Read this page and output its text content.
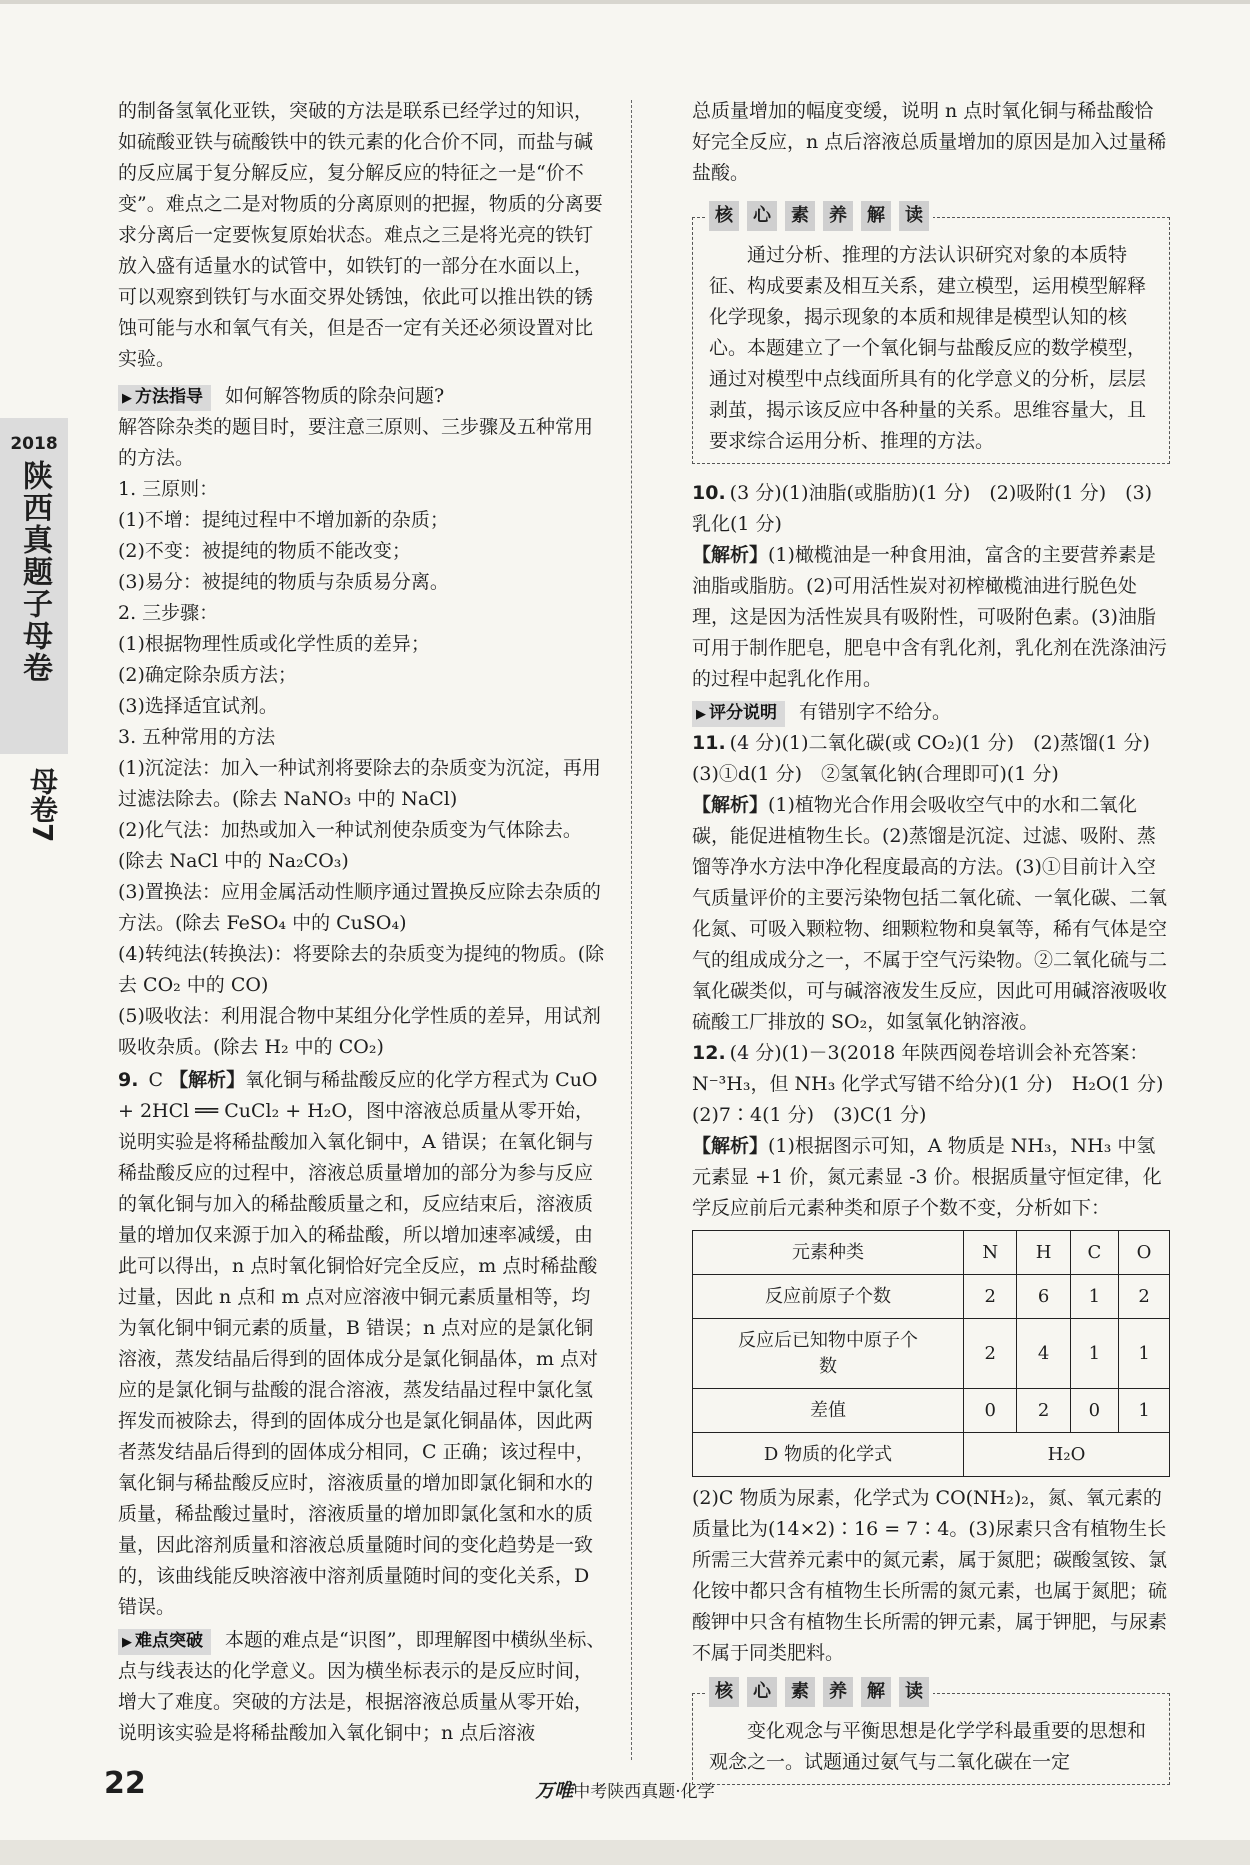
的制备氢氧化亚铁，突破的方法是联系已经学过的知识，如硫酸亚铁与硫酸铁中的铁元素的化合价不同，而盐与碱的反应属于复分解反应，复分解反应的特征之一是“价不变”。难点之二是对物质的分离原则的把握，物质的分离要求分离后一定要恢复原始状态。难点之三是将光亮的铁钉放入盛有适量水的试管中，如铁钉的一部分在水面以上，可以观察到铁钉与水面交界处锈蚀，依此可以推出铁的锈蚀可能与水和氧气有关，但是否一定有关还必须设置对比实验。

▶ 方法指导 如何解答物质的除杂问题?

解答除杂类的题目时，要注意三原则、三步骤及五种常用的方法。

1. 三原则：

(1)不增：提纯过程中不增加新的杂质；

(2)不变：被提纯的物质不能改变；

(3)易分：被提纯的物质与杂质易分离。

2. 三步骤：

(1)根据物理性质或化学性质的差异；

(2)确定除杂质方法；

(3)选择适宜试剂。

3. 五种常用的方法

(1)沉淀法：加入一种试剂将要除去的杂质变为沉淀，再用过滤法除去。(除去 NaNO₃ 中的 NaCl)

(2)化气法：加热或加入一种试剂使杂质变为气体除去。(除去 NaCl 中的 Na₂CO₃)

(3)置换法：应用金属活动性顺序通过置换反应除去杂质的方法。(除去 FeSO₄ 中的 CuSO₄)

(4)转纯法(转换法)：将要除去的杂质变为提纯的物质。(除去 CO₂ 中的 CO)

(5)吸收法：利用混合物中某组分化学性质的差异，用试剂吸收杂质。(除去 H₂ 中的 CO₂)

9. C 【解析】氧化铜与稀盐酸反应的化学方程式为 CuO + 2HCl ══ CuCl₂ + H₂O，图中溶液总质量从零开始，说明实验是将稀盐酸加入氧化铜中，A 错误；在氧化铜与稀盐酸反应的过程中，溶液总质量增加的部分为参与反应的氧化铜与加入的稀盐酸质量之和，反应结束后，溶液质量的增加仅来源于加入的稀盐酸，所以增加速率减缓，由此可以得出，n 点时氧化铜恰好完全反应，m 点时稀盐酸过量，因此 n 点和 m 点对应溶液中铜元素质量相等，均为氧化铜中铜元素的质量，B 错误；n 点对应的是氯化铜溶液，蒸发结晶后得到的固体成分是氯化铜晶体，m 点对应的是氯化铜与盐酸的混合溶液，蒸发结晶过程中氯化氢挥发而被除去，得到的固体成分也是氯化铜晶体，因此两者蒸发结晶后得到的固体成分相同，C 正确；该过程中，氧化铜与稀盐酸反应时，溶液质量的增加即氯化铜和水的质量，稀盐酸过量时，溶液质量的增加即氯化氢和水的质量，因此溶剂质量和溶液总质量随时间的变化趋势是一致的，该曲线能反映溶液中溶剂质量随时间的变化关系，D 错误。

▶ 难点突破 本题的难点是“识图”，即理解图中横纵坐标、点与线表达的化学意义。因为横坐标表示的是反应时间，增大了难度。突破的方法是，根据溶液总质量从零开始，说明该实验是将稀盐酸加入氧化铜中；n 点后溶液

总质量增加的幅度变缓，说明 n 点时氧化铜与稀盐酸恰好完全反应，n 点后溶液总质量增加的原因是加入过量稀盐酸。

核	心	素	养	解	读

通过分析、推理的方法认识研究对象的本质特征、构成要素及相互关系，建立模型，运用模型解释化学现象，揭示现象的本质和规律是模型认知的核心。本题建立了一个氧化铜与盐酸反应的数学模型，通过对模型中点线面所具有的化学意义的分析，层层剥茧，揭示该反应中各种量的关系。思维容量大，且要求综合运用分析、推理的方法。

10. (3 分)(1)油脂(或脂肪)(1 分)　(2)吸附(1 分)　(3)乳化(1 分)

【解析】(1)橄榄油是一种食用油，富含的主要营养素是油脂或脂肪。(2)可用活性炭对初榨橄榄油进行脱色处理，这是因为活性炭具有吸附性，可吸附色素。(3)油脂可用于制作肥皂，肥皂中含有乳化剂，乳化剂在洗涤油污的过程中起乳化作用。

▶ 评分说明 有错别字不给分。

11. (4 分)(1)二氧化碳(或 CO₂)(1 分)　(2)蒸馏(1 分)　(3)①d(1 分)　②氢氧化钠(合理即可)(1 分)

【解析】(1)植物光合作用会吸收空气中的水和二氧化碳，能促进植物生长。(2)蒸馏是沉淀、过滤、吸附、蒸馏等净水方法中净化程度最高的方法。(3)①目前计入空气质量评价的主要污染物包括二氧化硫、一氧化碳、二氧化氮、可吸入颗粒物、细颗粒物和臭氧等，稀有气体是空气的组成成分之一，不属于空气污染物。②二氧化硫与二氧化碳类似，可与碱溶液发生反应，因此可用碱溶液吸收硫酸工厂排放的 SO₂，如氢氧化钠溶液。

12. (4 分)(1)－3(2018 年陕西阅卷培训会补充答案：N⁻³H₃，但 NH₃ 化学式写错不给分)(1 分)　H₂O(1 分)　(2)7∶4(1 分)　(3)C(1 分)

【解析】(1)根据图示可知，A 物质是 NH₃，NH₃ 中氢元素显 +1 价，氮元素显 -3 价。根据质量守恒定律，化学反应前后元素种类和原子个数不变，分析如下：

元素种类	N	H	C	O
反应前原子个数	2	6	1	2
反应后已知物中原子个数	2	4	1	1
差值	0	2	0	1
D 物质的化学式	H₂O			

(2)C 物质为尿素，化学式为 CO(NH₂)₂，氮、氧元素的质量比为(14×2)∶16 = 7∶4。(3)尿素只含有植物生长所需三大营养元素中的氮元素，属于氮肥；碳酸氢铵、氯化铵中都只含有植物生长所需的氮元素，也属于氮肥；硫酸钾中只含有植物生长所需的钾元素，属于钾肥，与尿素不属于同类肥料。

核	心	素	养	解	读

变化观念与平衡思想是化学学科最重要的思想和观念之一。试题通过氨气与二氧化碳在一定

2018
陕西真题子母卷
母卷7
22	万唯中考陕西真题·化学
